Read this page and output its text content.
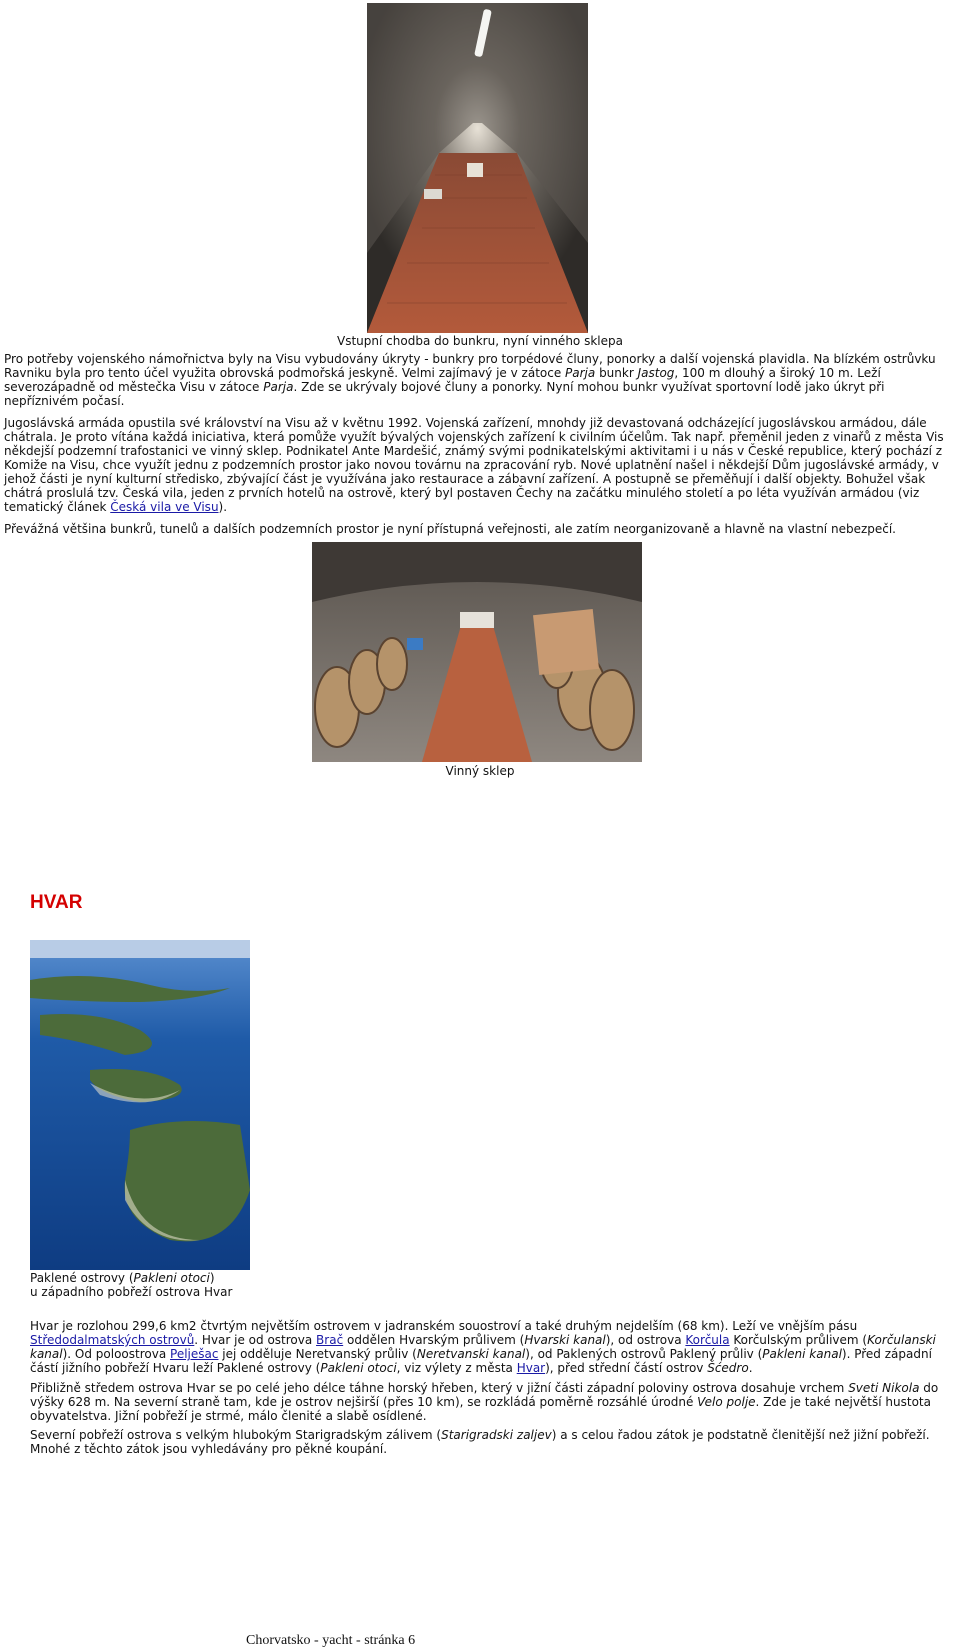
Vstupní chodba do bunkru, nyní vinného sklepa

Pro potřeby vojenského námořnictva byly na Visu vybudovány úkryty - bunkry pro torpédové čluny, ponorky a další vojenská plavidla. Na blízkém ostrůvku Ravniku byla pro tento účel využita obrovská podmořská jeskyně. Velmi zajímavý je v zátoce Parja bunkr Jastog, 100 m dlouhý a široký 10 m. Leží severozápadně od městečka Visu v zátoce Parja. Zde se ukrývaly bojové čluny a ponorky. Nyní mohou bunkr využívat sportovní lodě jako úkryt při nepříznivém počasí.

Jugoslávská armáda opustila své království na Visu až v květnu 1992. Vojenská zařízení, mnohdy již devastovaná odcházející jugoslávskou armádou, dále chátrala. Je proto vítána každá iniciativa, která pomůže využít bývalých vojenských zařízení k civilním účelům. Tak např. přeměnil jeden z vinařů z města Vis někdejší podzemní trafostanici ve vinný sklep. Podnikatel Ante Mardešić, známý svými podnikatelskými aktivitami i u nás v České republice, který pochází z Komiže na Visu, chce využít jednu z podzemních prostor jako novou továrnu na zpracování ryb. Nové uplatnění našel i někdejší Dům jugoslávské armády, v jehož části je nyní kulturní středisko, zbývající část je využívána jako restaurace a zábavní zařízení. A postupně se přeměňují i další objekty. Bohužel však chátrá proslulá tzv. Česká vila, jeden z prvních hotelů na ostrově, který byl postaven Čechy na začátku minulého století a po léta využíván armádou (viz tematický článek Česká vila ve Visu).

Převážná většina bunkrů, tunelů a dalších podzemních prostor je nyní přístupná veřejnosti, ale zatím neorganizovaně a hlavně na vlastní nebezpečí.

Vinný sklep
HVAR
Paklené ostrovy (Pakleni otoci)
u západního pobřeží ostrova Hvar

Hvar je rozlohou 299,6 km2 čtvrtým největším ostrovem v jadranském souostroví a také druhým nejdelším (68 km). Leží ve vnějším pásu Středodalmatských ostrovů. Hvar je od ostrova Brač oddělen Hvarským průlivem (Hvarski kanal), od ostrova Korčula Korčulským průlivem (Korčulanski kanal). Od poloostrova Pelješac jej odděluje Neretvanský průliv (Neretvanski kanal), od Paklených ostrovů Paklený průliv (Pakleni kanal). Před západní částí jižního pobřeží Hvaru leží Paklené ostrovy (Pakleni otoci, viz výlety z města Hvar), před střední částí ostrov Šćedro.

Přibližně středem ostrova Hvar se po celé jeho délce táhne horský hřeben, který v jižní části západní poloviny ostrova dosahuje vrchem Sveti Nikola do výšky 628 m. Na severní straně tam, kde je ostrov nejširší (přes 10 km), se rozkládá poměrně rozsáhlé úrodné Velo polje. Zde je také největší hustota obyvatelstva. Jižní pobřeží je strmé, málo členité a slabě osídlené.

Severní pobřeží ostrova s velkým hlubokým Starigradským zálivem (Starigradski zaljev) a s celou řadou zátok je podstatně členitější než jižní pobřeží. Mnohé z těchto zátok jsou vyhledávány pro pěkné koupání.

Chorvatsko - yacht - stránka 6
